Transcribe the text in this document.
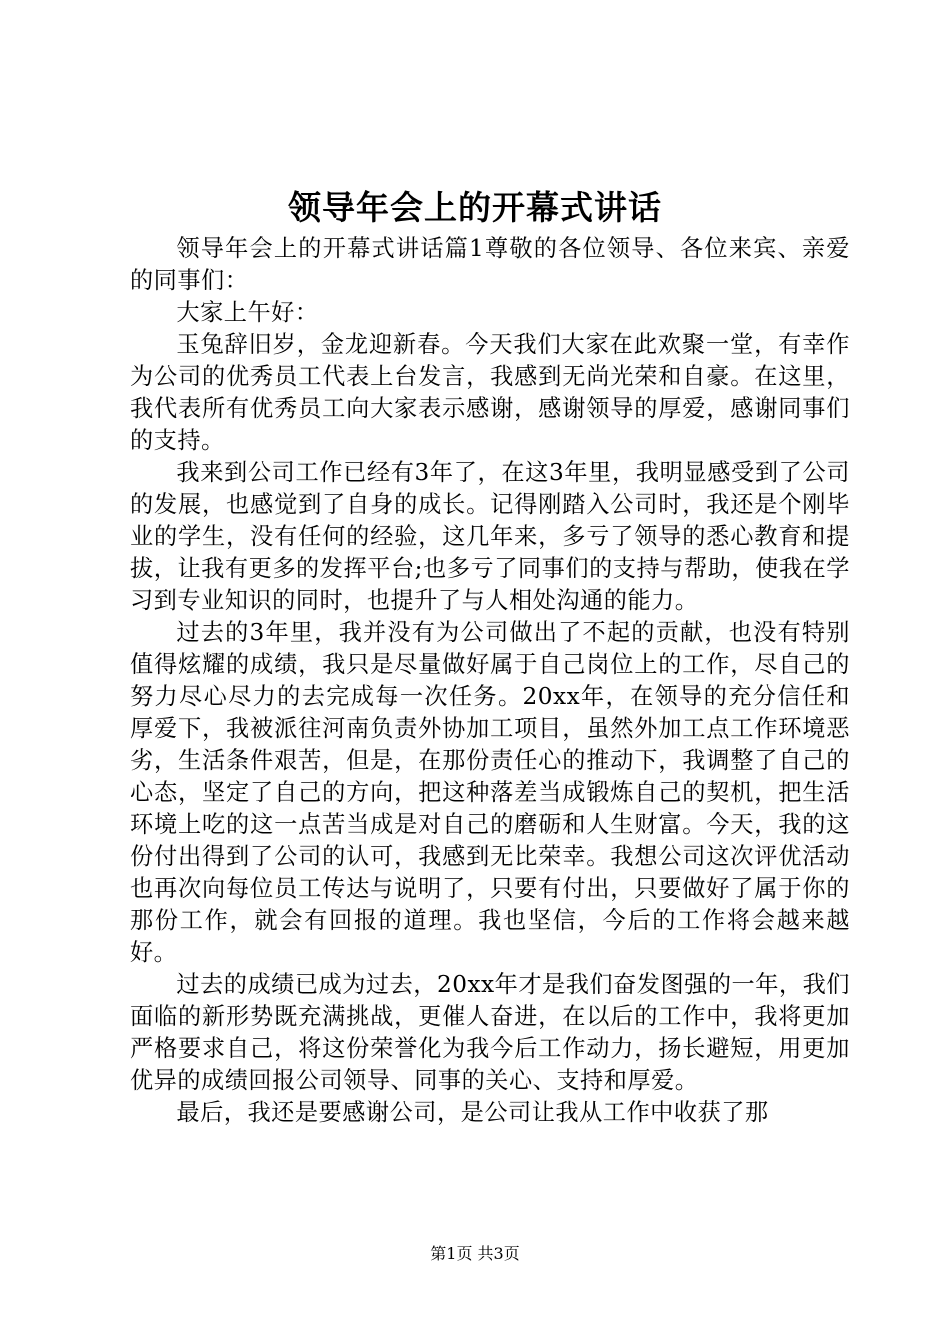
领导年会上的开幕式讲话

领导年会上的开幕式讲话篇1尊敬的各位领导、各位来宾、亲爱的同事们：

大家上午好：

玉兔辞旧岁，金龙迎新春。今天我们大家在此欢聚一堂，有幸作为公司的优秀员工代表上台发言，我感到无尚光荣和自豪。在这里，我代表所有优秀员工向大家表示感谢，感谢领导的厚爱，感谢同事们的支持。

我来到公司工作已经有3年了，在这3年里，我明显感受到了公司的发展，也感觉到了自身的成长。记得刚踏入公司时，我还是个刚毕业的学生，没有任何的经验，这几年来，多亏了领导的悉心教育和提拔，让我有更多的发挥平台;也多亏了同事们的支持与帮助，使我在学习到专业知识的同时，也提升了与人相处沟通的能力。

过去的3年里，我并没有为公司做出了不起的贡献，也没有特别值得炫耀的成绩，我只是尽量做好属于自己岗位上的工作，尽自己的努力尽心尽力的去完成每一次任务。20xx年，在领导的充分信任和厚爱下，我被派往河南负责外协加工项目，虽然外加工点工作环境恶劣，生活条件艰苦，但是，在那份责任心的推动下，我调整了自己的心态，坚定了自己的方向，把这种落差当成锻炼自己的契机，把生活环境上吃的这一点苦当成是对自己的磨砺和人生财富。今天，我的这份付出得到了公司的认可，我感到无比荣幸。我想公司这次评优活动也再次向每位员工传达与说明了，只要有付出，只要做好了属于你的那份工作，就会有回报的道理。我也坚信，今后的工作将会越来越好。

过去的成绩已成为过去，20xx年才是我们奋发图强的一年，我们面临的新形势既充满挑战，更催人奋进，在以后的工作中，我将更加严格要求自己，将这份荣誉化为我今后工作动力，扬长避短，用更加优异的成绩回报公司领导、同事的关心、支持和厚爱。

最后，我还是要感谢公司，是公司让我从工作中收获了那

第1页 共3页
